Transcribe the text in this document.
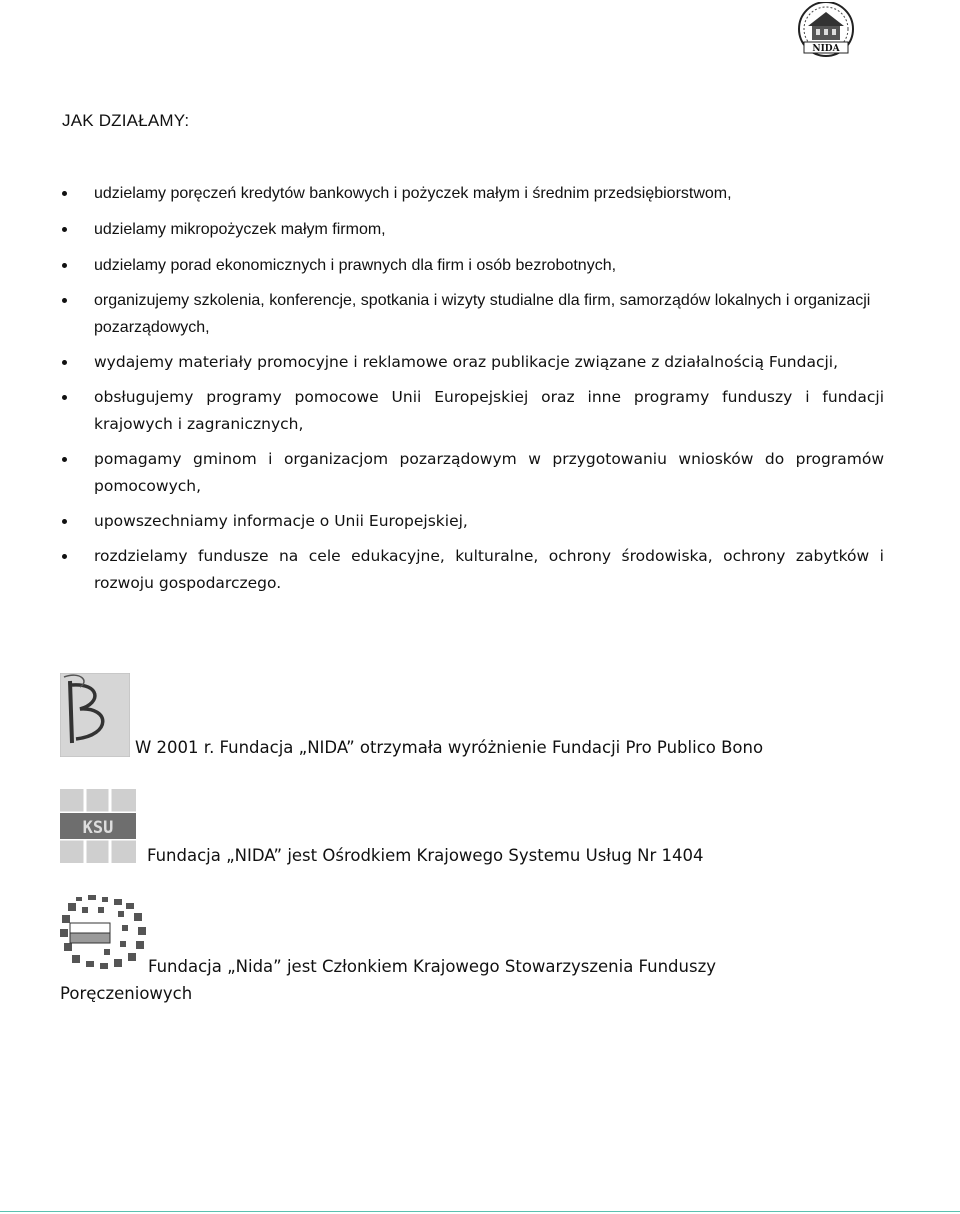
NIDA
JAK DZIAŁAMY:
udzielamy poręczeń kredytów bankowych i pożyczek małym i średnim przedsiębiorstwom,
udzielamy mikropożyczek małym firmom,
udzielamy porad ekonomicznych i prawnych dla firm i osób bezrobotnych,
organizujemy szkolenia, konferencje, spotkania i wizyty studialne dla firm, samorządów lokalnych i organizacji pozarządowych,
wydajemy materiały promocyjne i reklamowe oraz publikacje związane z działalnością Fundacji,
obsługujemy programy pomocowe Unii Europejskiej oraz inne programy funduszy i fundacji krajowych i zagranicznych,
pomagamy gminom i organizacjom pozarządowym w przygotowaniu wniosków do programów pomocowych,
upowszechniamy informacje o Unii Europejskiej,
rozdzielamy fundusze na cele edukacyjne, kulturalne, ochrony środowiska, ochrony zabytków i rozwoju gospodarczego.
W 2001 r. Fundacja „NIDA” otrzymała wyróżnienie Fundacji Pro Publico Bono
KSU
Fundacja „NIDA” jest Ośrodkiem Krajowego Systemu Usług Nr 1404
Fundacja „Nida” jest Członkiem Krajowego Stowarzyszenia Funduszy
Poręczeniowych
